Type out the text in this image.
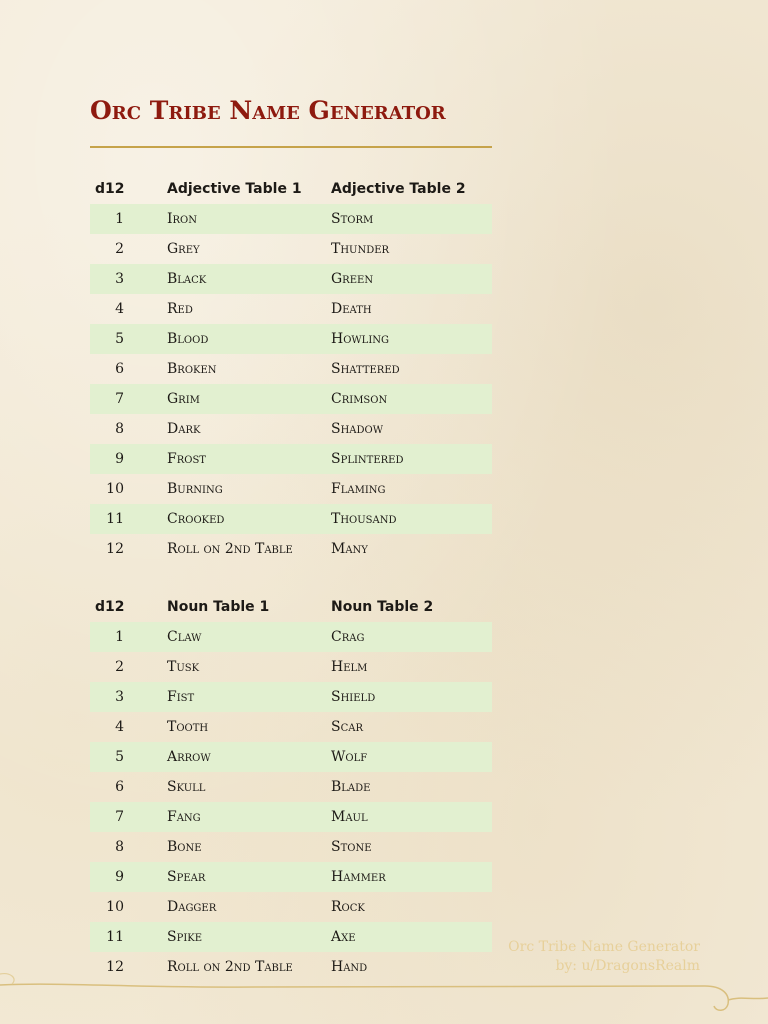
Orc Tribe Name Generator
d12	Adjective Table 1	Adjective Table 2
1	Iron	Storm
2	Grey	Thunder
3	Black	Green
4	Red	Death
5	Blood	Howling
6	Broken	Shattered
7	Grim	Crimson
8	Dark	Shadow
9	Frost	Splintered
10	Burning	Flaming
11	Crooked	Thousand
12	Roll on 2nd Table	Many
d12	Noun Table 1	Noun Table 2
1	Claw	Crag
2	Tusk	Helm
3	Fist	Shield
4	Tooth	Scar
5	Arrow	Wolf
6	Skull	Blade
7	Fang	Maul
8	Bone	Stone
9	Spear	Hammer
10	Dagger	Rock
11	Spike	Axe
12	Roll on 2nd Table	Hand
Orc Tribe Name Generator
by: u/DragonsRealm
